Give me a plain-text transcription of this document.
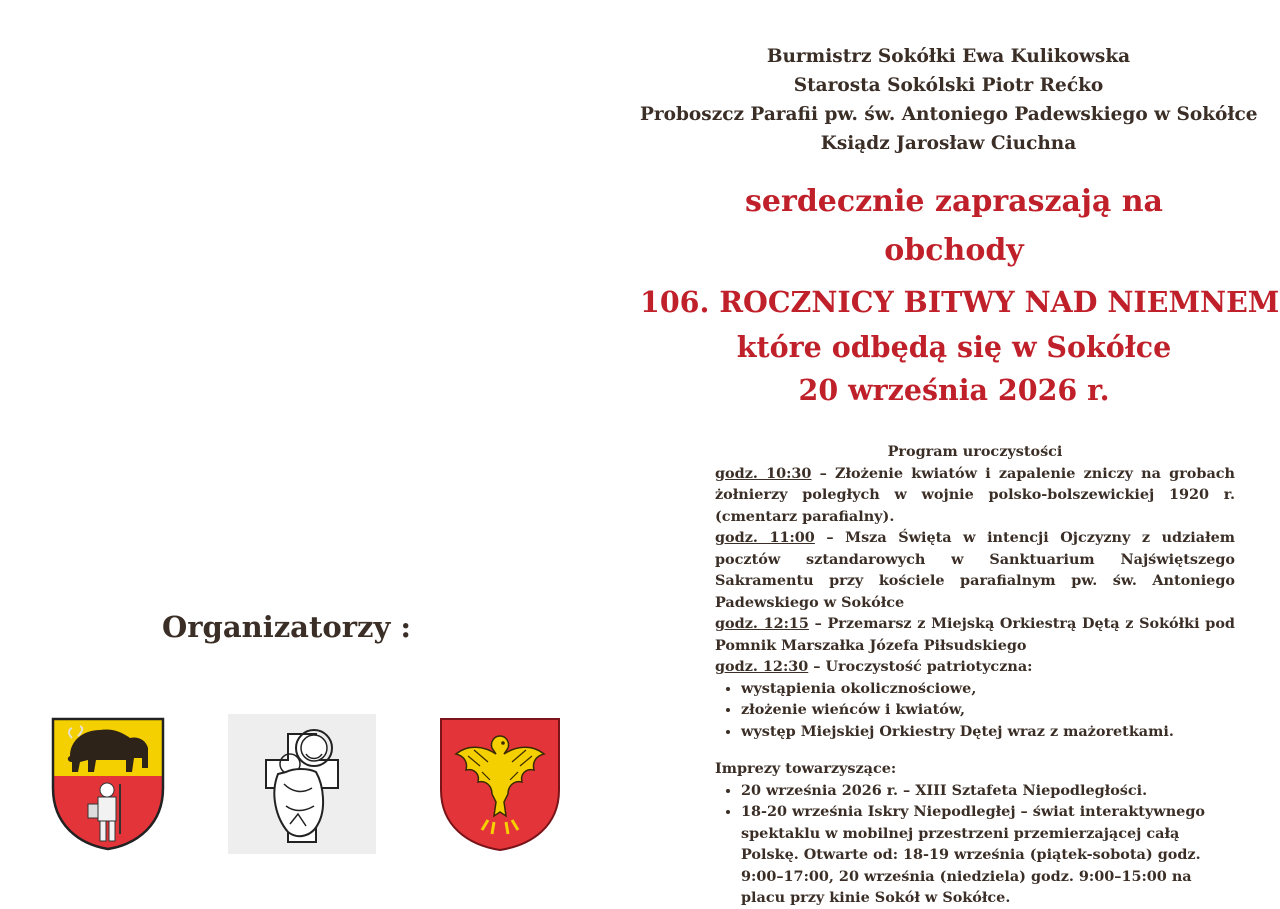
Organizatorzy :
Burmistrz Sokółki Ewa Kulikowska
Starosta Sokólski Piotr Rećko
Proboszcz Parafii pw. św. Antoniego Padewskiego w Sokółce
Ksiądz Jarosław Ciuchna
serdecznie zapraszają na
obchody
106. ROCZNICY BITWY NAD NIEMNEM
które odbędą się w Sokółce
20 września 2026 r.
Program uroczystości
godz. 10:30 – Złożenie kwiatów i zapalenie zniczy na grobach żołnierzy poległych w wojnie polsko-bolszewickiej 1920 r. (cmentarz parafialny).
godz. 11:00 – Msza Święta w intencji Ojczyzny z udziałem pocztów sztandarowych w Sanktuarium Najświętszego Sakramentu przy kościele parafialnym pw. św. Antoniego Padewskiego w Sokółce
godz. 12:15 – Przemarsz z Miejską Orkiestrą Dętą z Sokółki pod Pomnik Marszałka Józefa Piłsudskiego
godz. 12:30 – Uroczystość patriotyczna:
• wystąpienia okolicznościowe,
• złożenie wieńców i kwiatów,
• występ Miejskiej Orkiestry Dętej wraz z mażoretkami.
Imprezy towarzyszące:
• 20 września 2026 r. – XIII Sztafeta Niepodległości.
• 18-20 września Iskry Niepodległej – świat interaktywnego spektaklu w mobilnej przestrzeni przemierzającej całą Polskę. Otwarte od: 18-19 września (piątek-sobota) godz. 9:00–17:00, 20 września (niedziela) godz. 9:00–15:00 na placu przy kinie Sokół w Sokółce.
